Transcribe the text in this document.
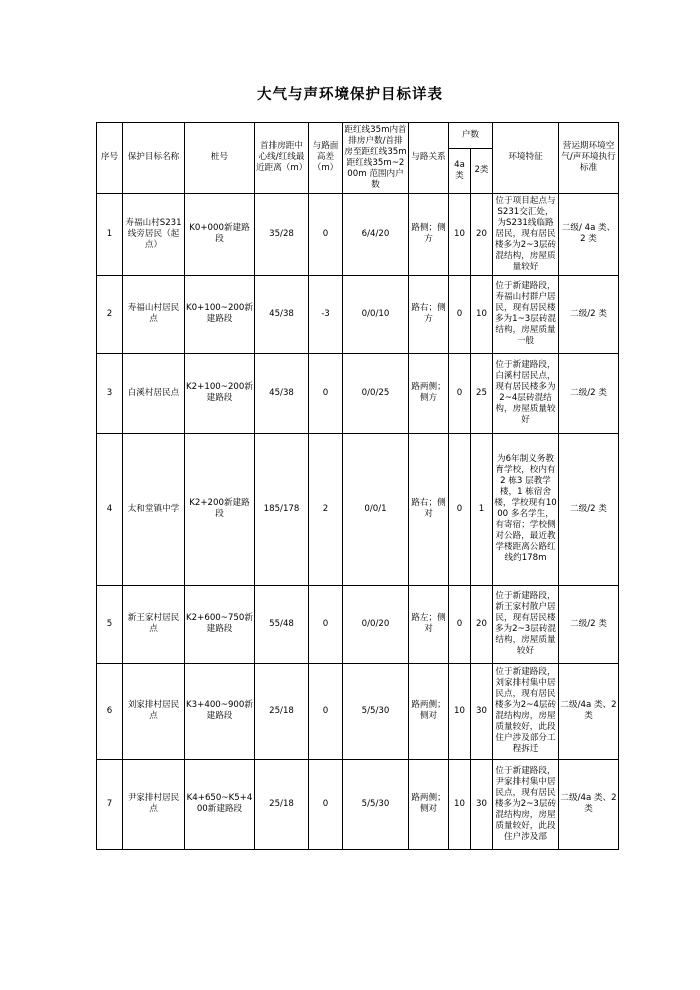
大气与声环境保护目标详表
序号	保护目标名称	桩号	首排房距中心线/红线最近距离（m）	与路面高差（m）	距红线35m内首排房户数/首排房至距红线35m距红线35m~200m 范围内户数	与路关系	户数		环境特征	营运期环境空气/声环境执行标准
							4a类	2类		
1	寿福山村S231 线旁居民（起点）	K0+000新建路段	35/28	0	6/4/20	路侧；侧方	10	20	位于项目起点与S231交汇处，为S231线临路居民，现有居民楼多为2~3层砖混结构，房屋质量较好	二级/ 4a 类、2 类
2	寿福山村居民点	K0+100~200新建路段	45/38	-3	0/0/10	路右；侧方	0	10	位于新建路段，寿福山村群户居民，现有居民楼多为1~3层砖混结构，房屋质量一般	二级/2 类
3	白溪村居民点	K2+100~200新建路段	45/38	0	0/0/25	路两侧；侧方	0	25	位于新建路段，白溪村居民点，现有居民楼多为2~4层砖混结构，房屋质量较好	二级/2 类
4	太和堂镇中学	K2+200新建路段	185/178	2	0/0/1	路右；侧对	0	1	为6年制义务教育学校，校内有2 栋3 层教学楼，1 栋宿舍楼，学校现有1000 多名学生，有寄宿；学校侧对公路，最近教学楼距离公路红线约178m	二级/2 类
5	新王家村居民点	K2+600~750新建路段	55/48	0	0/0/20	路左；侧对	0	20	位于新建路段，新王家村散户居民，现有居民楼多为2~3层砖混结构，房屋质量较好	二级/2 类
6	刘家排村居民点	K3+400~900新建路段	25/18	0	5/5/30	路两侧；侧对	10	30	位于新建路段，刘家排村集中居民点，现有居民楼多为2~4层砖混结构房，房屋质量较好，此段住户涉及部分工程拆迁	二级/4a 类、2 类
7	尹家排村居民点	K4+650~K5+400新建路段	25/18	0	5/5/30	路两侧；侧对	10	30	位于新建路段，尹家排村集中居民点，现有居民楼多为2~3层砖混结构房，房屋质量较好，此段住户涉及部	二级/4a 类、2 类
